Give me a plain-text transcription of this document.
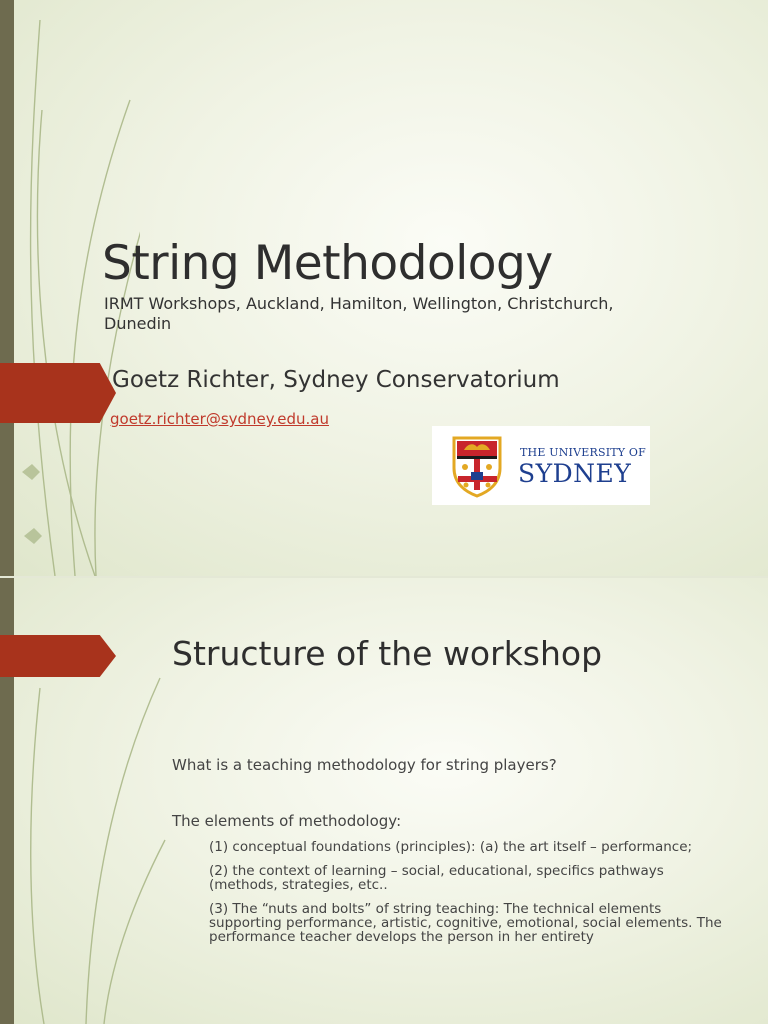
String Methodology
IRMT Workshops, Auckland, Hamilton, Wellington, Christchurch, Dunedin
Goetz Richter, Sydney Conservatorium
goetz.richter@sydney.edu.au
THE UNIVERSITY OF
SYDNEY
Structure of the workshop
What is a teaching methodology for string players?
The elements of methodology:
(1) conceptual foundations (principles): (a) the art itself – performance;
(2) the context of learning – social, educational, specifics pathways (methods, strategies, etc..
(3) The “nuts and bolts” of string teaching: The technical elements supporting performance, artistic, cognitive, emotional, social elements. The performance teacher develops the person in her entirety
